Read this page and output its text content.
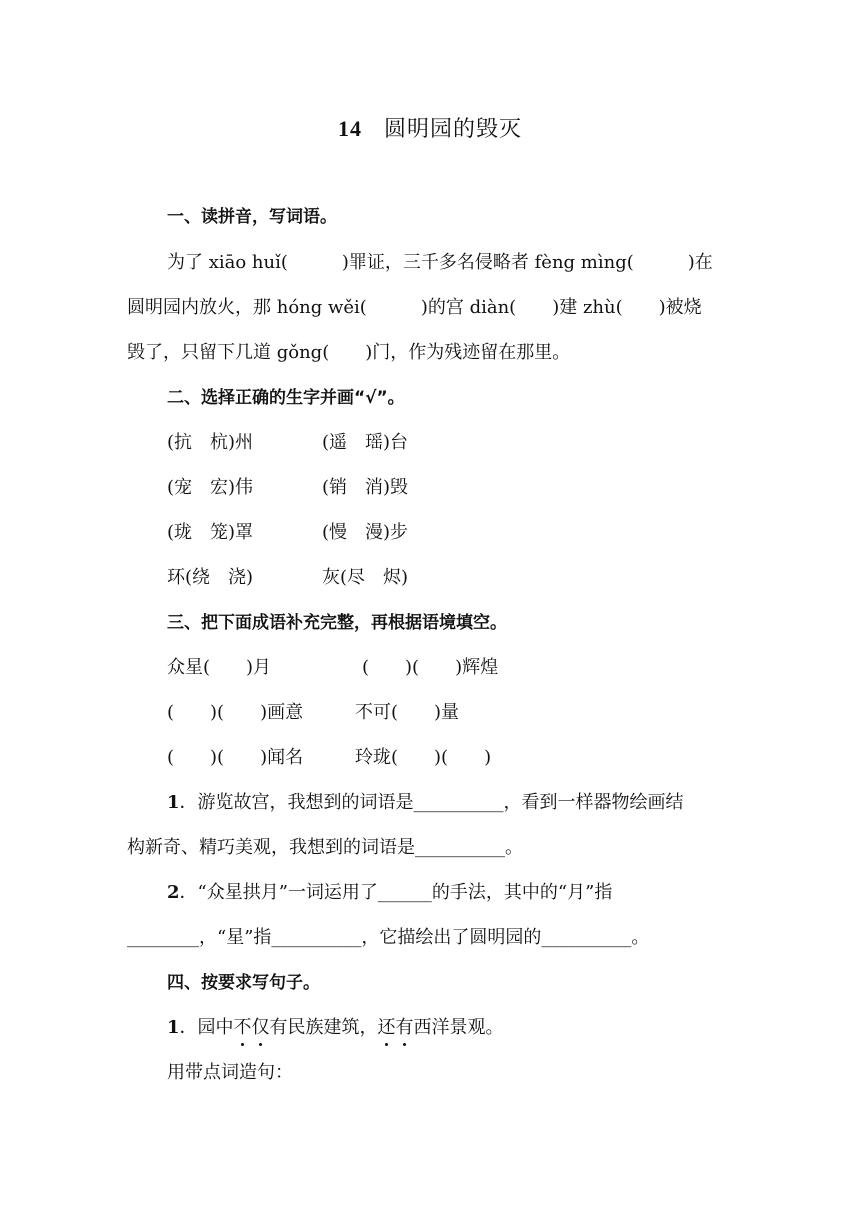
14 圆明园的毁灭
一、读拼音，写词语。
为了 xiāo huǐ(　　　)罪证，三千多名侵略者 fèng mìng(　　　)在
圆明园内放火，那 hóng wěi(　　　)的宫 diàn(　　)建 zhù(　　)被烧
毁了，只留下几道 gǒng(　　)门，作为残迹留在那里。
二、选择正确的生字并画“√”。
(抗　杭)州	(遥　瑶)台
(宠　宏)伟	(销　消)毁
(珑　笼)罩	(慢　漫)步
环(绕　浇)	灰(尽　烬)
三、把下面成语补充完整，再根据语境填空。
众星(　　)月	(　　)(　　)辉煌
(　　)(　　)画意	不可(　　)量
(　　)(　　)闻名	玲珑(　　)(　　)
1．游览故宫，我想到的词语是__________，看到一样器物绘画结
构新奇、精巧美观，我想到的词语是__________。
2．“众星拱月”一词运用了______的手法，其中的“月”指
________，“星”指__________，它描绘出了圆明园的__________。
四、按要求写句子。
1．园中不仅有民族建筑，还有西洋景观。
用带点词造句：
